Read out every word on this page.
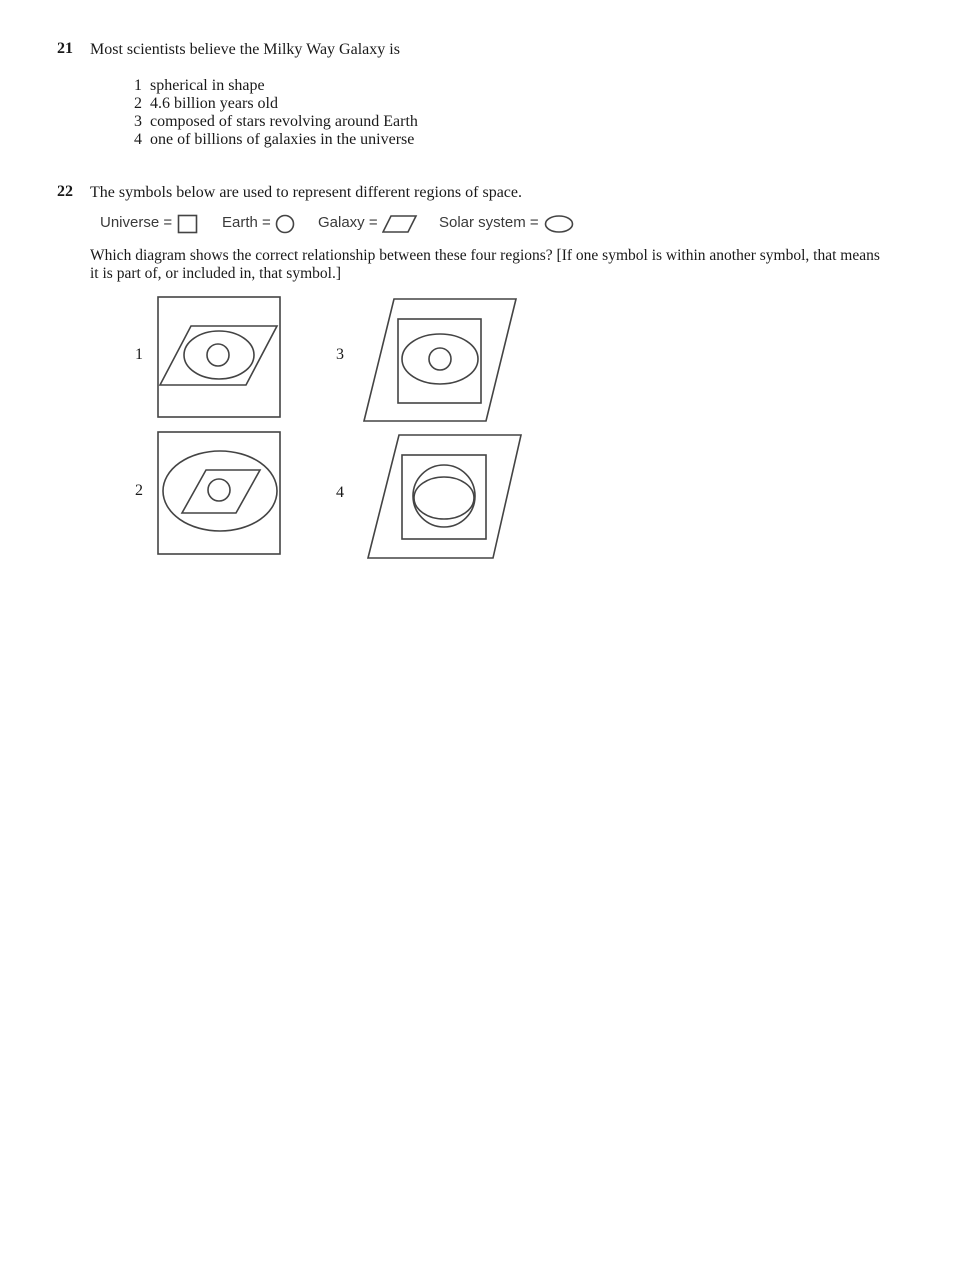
21 Most scientists believe the Milky Way Galaxy is
1 spherical in shape
2 4.6 billion years old
3 composed of stars revolving around Earth
4 one of billions of galaxies in the universe
22 The symbols below are used to represent different regions of space.
Universe =	Earth =	Galaxy =	Solar system =
Which diagram shows the correct relationship between these four regions? [If one symbol is within another symbol, that means
it is part of, or included in, that symbol.]
1
2
3
4
